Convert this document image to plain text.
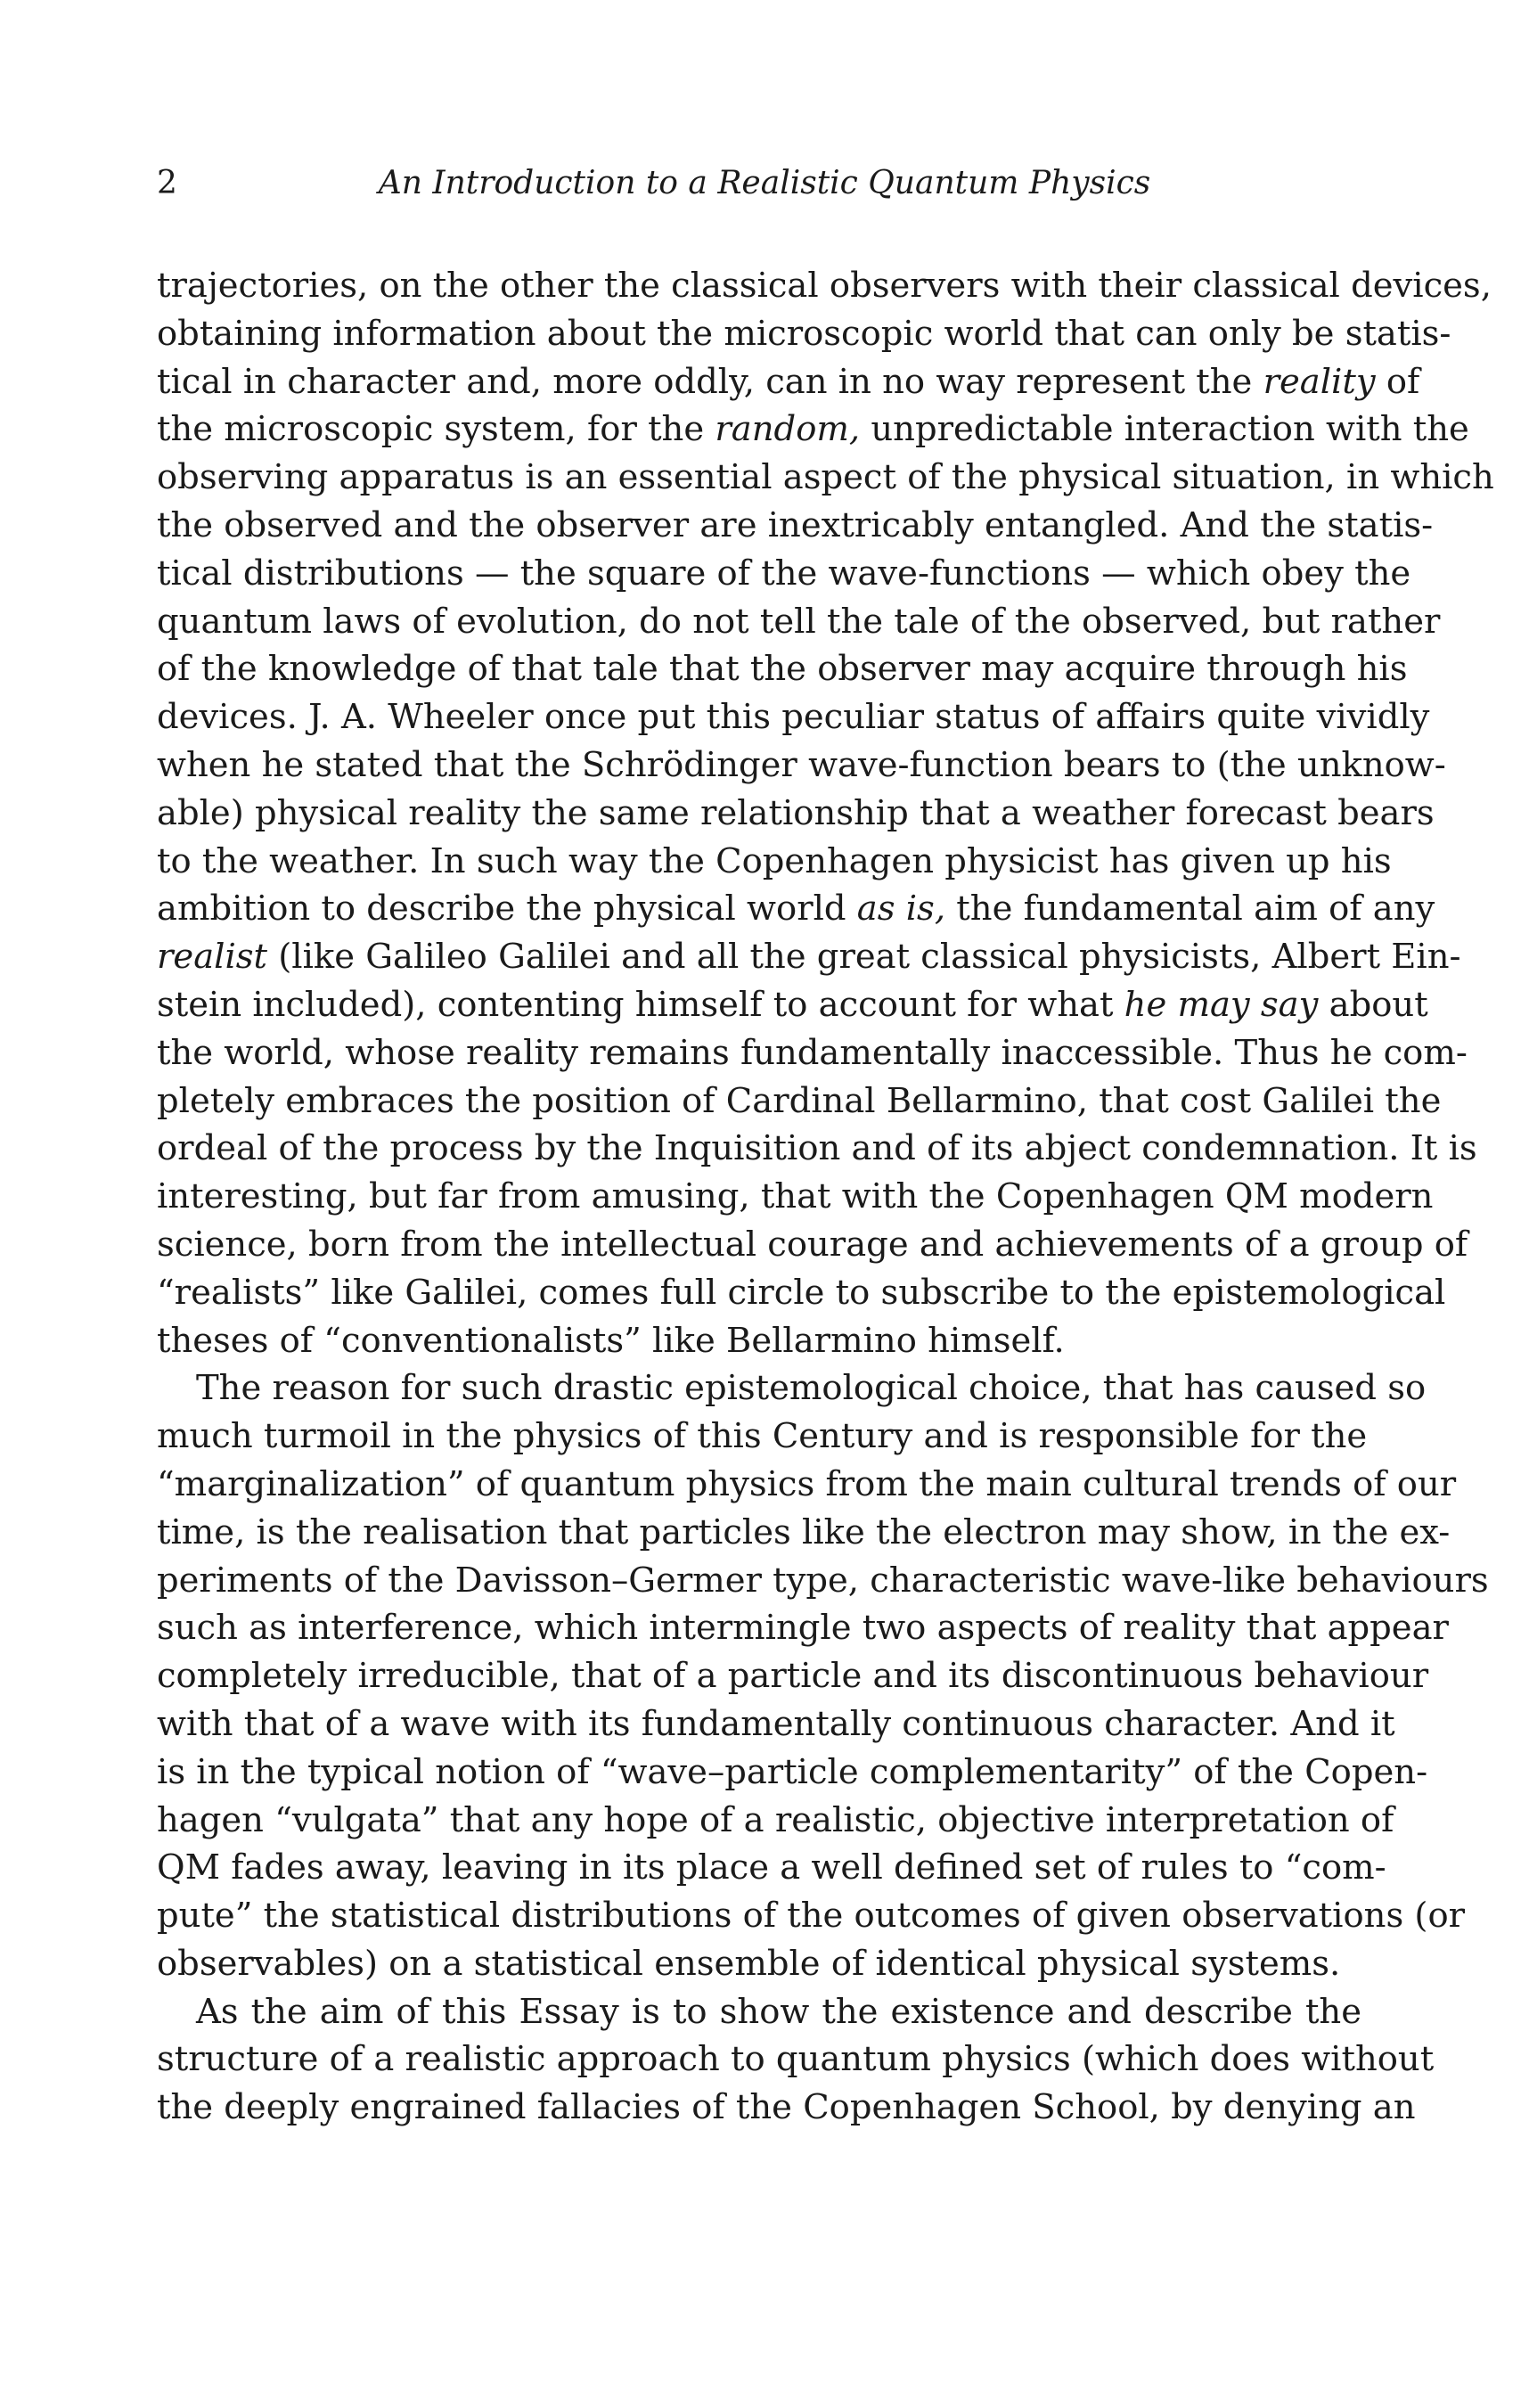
2	An Introduction to a Realistic Quantum Physics
trajectories, on the other the classical observers with their classical devices,
obtaining information about the microscopic world that can only be statis-
tical in character and, more oddly, can in no way represent the reality of
the microscopic system, for the random, unpredictable interaction with the
observing apparatus is an essential aspect of the physical situation, in which
the observed and the observer are inextricably entangled. And the statis-
tical distributions — the square of the wave-functions — which obey the
quantum laws of evolution, do not tell the tale of the observed, but rather
of the knowledge of that tale that the observer may acquire through his
devices. J. A. Wheeler once put this peculiar status of affairs quite vividly
when he stated that the Schrödinger wave-function bears to (the unknow-
able) physical reality the same relationship that a weather forecast bears
to the weather. In such way the Copenhagen physicist has given up his
ambition to describe the physical world as is, the fundamental aim of any
realist (like Galileo Galilei and all the great classical physicists, Albert Ein-
stein included), contenting himself to account for what he may say about
the world, whose reality remains fundamentally inaccessible. Thus he com-
pletely embraces the position of Cardinal Bellarmino, that cost Galilei the
ordeal of the process by the Inquisition and of its abject condemnation. It is
interesting, but far from amusing, that with the Copenhagen QM modern
science, born from the intellectual courage and achievements of a group of
“realists” like Galilei, comes full circle to subscribe to the epistemological
theses of “conventionalists” like Bellarmino himself.
The reason for such drastic epistemological choice, that has caused so
much turmoil in the physics of this Century and is responsible for the
“marginalization” of quantum physics from the main cultural trends of our
time, is the realisation that particles like the electron may show, in the ex-
periments of the Davisson–Germer type, characteristic wave-like behaviours
such as interference, which intermingle two aspects of reality that appear
completely irreducible, that of a particle and its discontinuous behaviour
with that of a wave with its fundamentally continuous character. And it
is in the typical notion of “wave–particle complementarity” of the Copen-
hagen “vulgata” that any hope of a realistic, objective interpretation of
QM fades away, leaving in its place a well defined set of rules to “com-
pute” the statistical distributions of the outcomes of given observations (or
observables) on a statistical ensemble of identical physical systems.
As the aim of this Essay is to show the existence and describe the
structure of a realistic approach to quantum physics (which does without
the deeply engrained fallacies of the Copenhagen School, by denying an
